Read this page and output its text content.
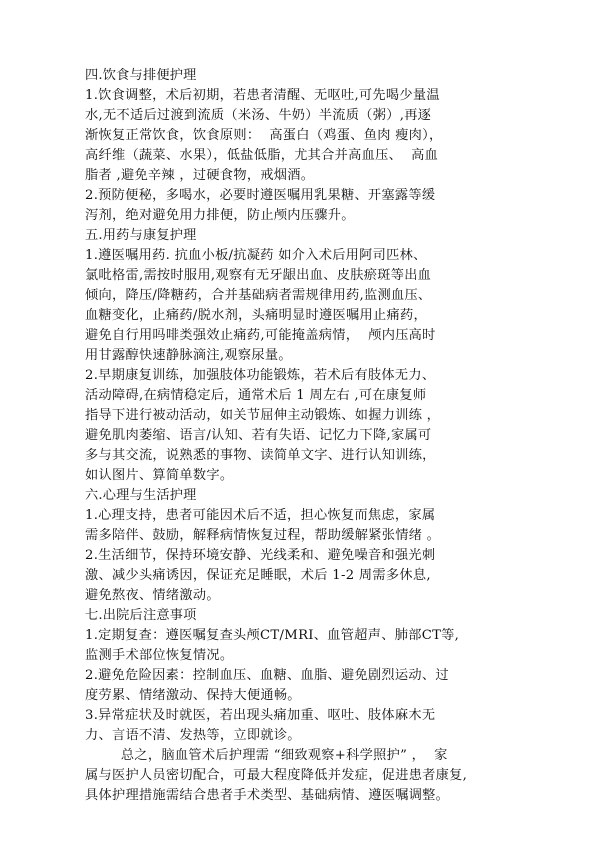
四.饮食与排便护理
1.饮食调整，术后初期，若患者清醒、无呕吐,可先喝少量温
水,无不适后过渡到流质（米汤、牛奶）半流质（粥）,再逐
渐恢复正常饮食，饮食原则：  高蛋白（鸡蛋、鱼肉 瘦肉），
高纤维（蔬菜、水果），低盐低脂，尤其合并高血压、  高血
脂者 ,避免辛辣 ，过硬食物，戒烟酒。
2.预防便秘，多喝水，必要时遵医嘱用乳果糖、开塞露等缓
泻剂，绝对避免用力排便，防止颅内压骤升。
五.用药与康复护理
1.遵医嘱用药. 抗血小板/抗凝药 如介入术后用阿司匹林、
氯吡格雷,需按时服用,观察有无牙龈出血、皮肤瘀斑等出血
倾向，降压/降糖药，合并基础病者需规律用药,监测血压、
血糖变化，止痛药/脱水剂，头痛明显时遵医嘱用止痛药，
避免自行用吗啡类强效止痛药,可能掩盖病情，  颅内压高时
用甘露醇快速静脉滴注,观察尿量。
2.早期康复训练，加强肢体功能锻炼，若术后有肢体无力、
活动障碍,在病情稳定后，通常术后 1 周左右 ,可在康复师
指导下进行被动活动，如关节屈伸主动锻炼、如握力训练 ，
避免肌肉萎缩、语言/认知、若有失语、记忆力下降,家属可
多与其交流，说熟悉的事物、读简单文字、进行认知训练，
如认图片、算简单数字。
六.心理与生活护理
1.心理支持，患者可能因术后不适，担心恢复而焦虑，家属
需多陪伴、鼓励，解释病情恢复过程，帮助缓解紧张情绪 。
2.生活细节，保持环境安静、光线柔和、避免噪音和强光刺
激、减少头痛诱因，保证充足睡眠，术后 1-2 周需多休息,
避免熬夜、情绪激动。
七.出院后注意事项
1.定期复查：遵医嘱复查头颅CT/MRI、血管超声、肺部CT等,
监测手术部位恢复情况。
2.避免危险因素：控制血压、血糖、血脂、避免剧烈运动、过
度劳累、情绪激动、保持大便通畅。
3.异常症状及时就医，若出现头痛加重、呕吐、肢体麻木无
力、言语不清、发热等，立即就诊。
总之，脑血管术后护理需 “细致观察+科学照护” ，  家
属与医护人员密切配合，可最大程度降低并发症，促进患者康复,
具体护理措施需结合患者手术类型、基础病情、遵医嘱调整。
